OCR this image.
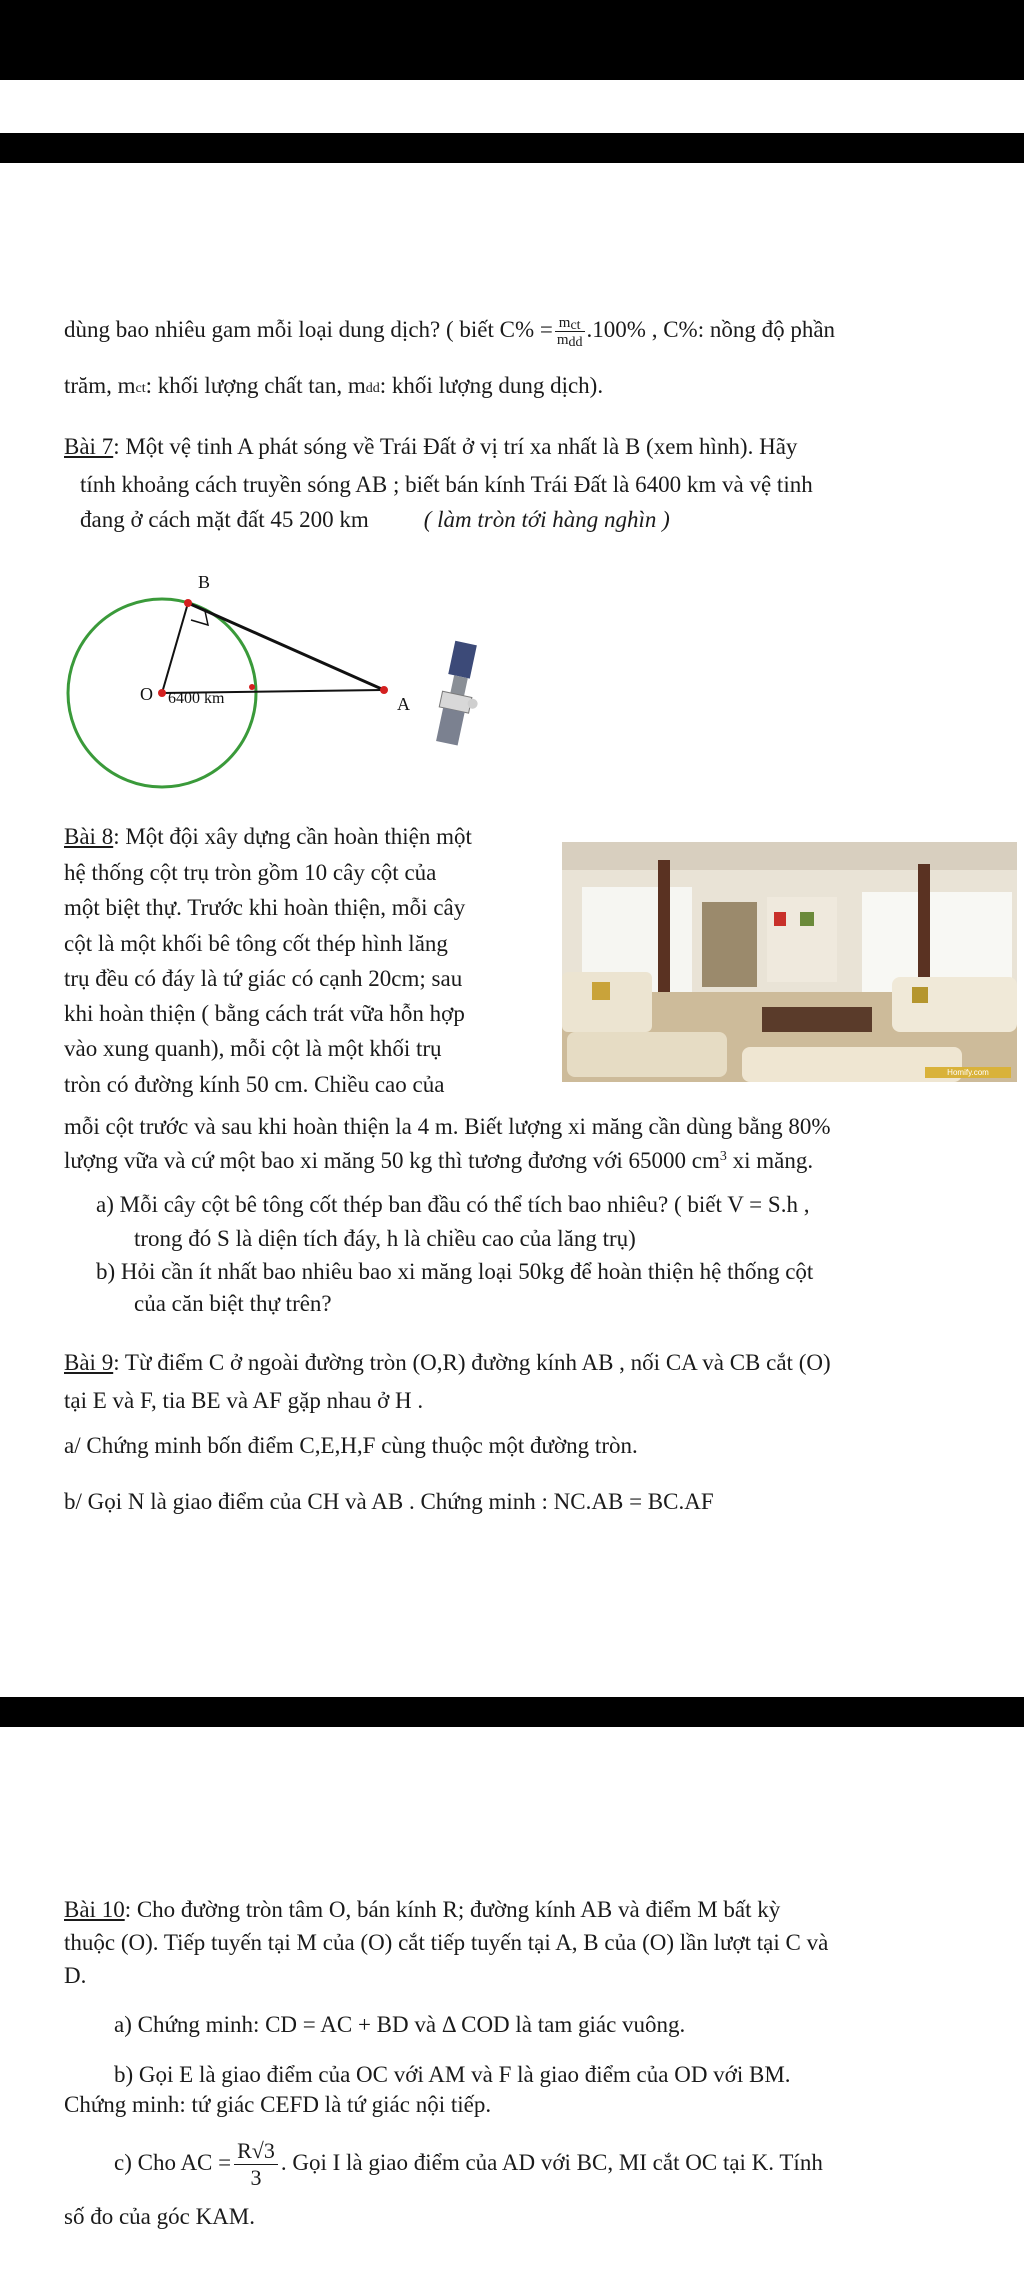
dùng bao nhiêu gam mỗi loại dung dịch? ( biết $C\% = \frac{m_{ct}}{m_{dd}} .100\%$ , C%: nồng độ phần
trăm, $m_{ct}$: khối lượng chất tan, $m_{dd}$: khối lượng dung dịch).
Bài 7: Một vệ tinh A phát sóng về Trái Đất ở vị trí xa nhất là B (xem hình). Hãy
tính khoảng cách truyền sóng AB ; biết bán kính Trái Đất là 6400 km và vệ tinh
đang ở cách mặt đất 45 200 km ( làm tròn tới hàng nghìn )
B
O 6400 km	A
Bài 8: Một đội xây dựng cần hoàn thiện một
hệ thống cột trụ tròn gồm 10 cây cột của
một biệt thự. Trước khi hoàn thiện, mỗi cây
cột là một khối bê tông cốt thép hình lăng
trụ đều có đáy là tứ giác có cạnh 20cm; sau
khi hoàn thiện ( bằng cách trát vữa hỗn hợp
vào xung quanh), mỗi cột là một khối trụ
tròn có đường kính 50 cm. Chiều cao của	Homify.com
mỗi cột trước và sau khi hoàn thiện la 4 m. Biết lượng xi măng cần dùng bằng 80%
lượng vữa và cứ một bao xi măng 50 kg thì tương đương với 65000 $cm^3$ xi măng.
a) Mỗi cây cột bê tông cốt thép ban đầu có thể tích bao nhiêu? ( biết V = S.h ,
trong đó S là diện tích đáy, h là chiều cao của lăng trụ)
b) Hỏi cần ít nhất bao nhiêu bao xi măng loại 50kg để hoàn thiện hệ thống cột
của căn biệt thự trên?
Bài 9: Từ điểm C ở ngoài đường tròn (O,R) đường kính AB , nối CA và CB cắt (O)
tại E và F, tia BE và AF gặp nhau ở H .
a/ Chứng minh bốn điểm C,E,H,F cùng thuộc một đường tròn.
b/ Gọi N là giao điểm của CH và AB . Chứng minh : NC.AB = BC.AF
Bài 10: Cho đường tròn tâm O, bán kính R; đường kính AB và điểm M bất kỳ
thuộc (O). Tiếp tuyến tại M của (O) cắt tiếp tuyến tại A, B của (O) lần lượt tại C và
D.
a) Chứng minh: CD = AC + BD và Δ COD là tam giác vuông.
b) Gọi E là giao điểm của OC với AM và F là giao điểm của OD với BM.
Chứng minh: tứ giác CEFD là tứ giác nội tiếp.
c) Cho AC = $\frac{R√3}{3}$ . Gọi I là giao điểm của AD với BC, MI cắt OC tại K. Tính
số đo của góc KAM.
